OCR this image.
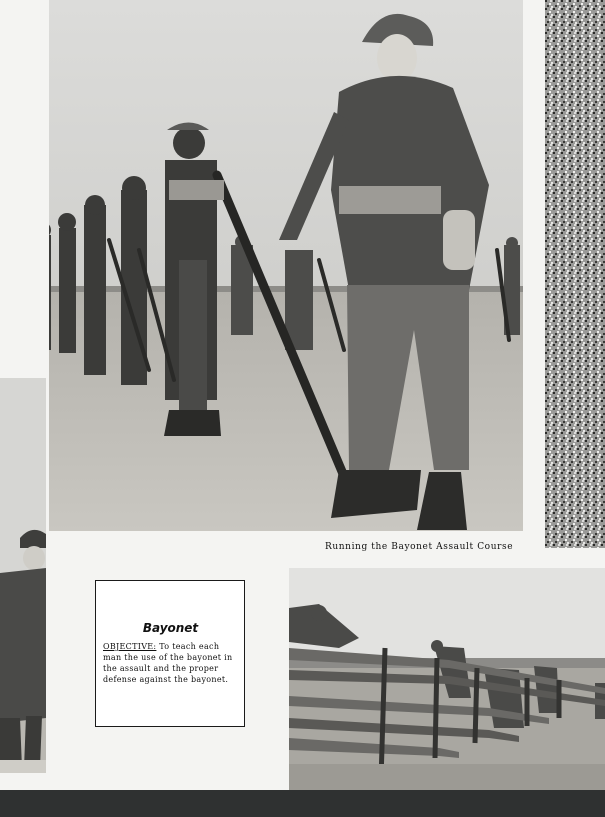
Running the Bayonet Assault Course
Bayonet
OBJECTIVE: To teach each man the use of the bayonet in the assault and the proper defense against the bayonet.
